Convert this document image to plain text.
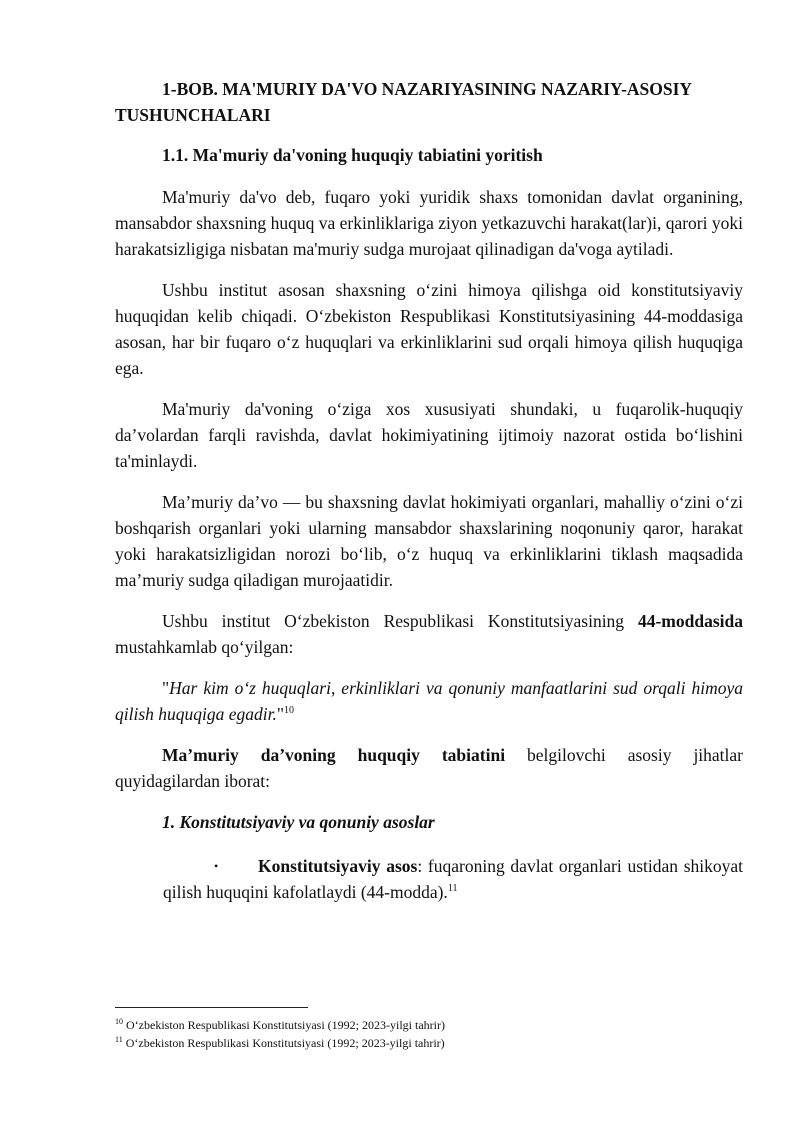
1-BOB. MA'MURIY DA'VO NAZARIYASINING NAZARIY-ASOSIY TUSHUNCHALARI
1.1. Ma'muriy da'voning huquqiy tabiatini yoritish

Ma'muriy da'vo deb, fuqaro yoki yuridik shaxs tomonidan davlat organining, mansabdor shaxsning huquq va erkinliklariga ziyon yetkazuvchi harakat(lar)i, qarori yoki harakatsizligiga nisbatan ma'muriy sudga murojaat qilinadigan da'voga aytiladi.

Ushbu institut asosan shaxsning o‘zini himoya qilishga oid konstitutsiyaviy huquqidan kelib chiqadi. O‘zbekiston Respublikasi Konstitutsiyasining 44-moddasiga asosan, har bir fuqaro o‘z huquqlari va erkinliklarini sud orqali himoya qilish huquqiga ega.

Ma'muriy da'voning o‘ziga xos xususiyati shundaki, u fuqarolik-huquqiy da’volardan farqli ravishda, davlat hokimiyatining ijtimoiy nazorat ostida bo‘lishini ta'minlaydi.

Ma’muriy da’vo — bu shaxsning davlat hokimiyati organlari, mahalliy o‘zini o‘zi boshqarish organlari yoki ularning mansabdor shaxslarining noqonuniy qaror, harakat yoki harakatsizligidan norozi bo‘lib, o‘z huquq va erkinliklarini tiklash maqsadida ma’muriy sudga qiladigan murojaatidir.

Ushbu institut O‘zbekiston Respublikasi Konstitutsiyasining 44-moddasida mustahkamlab qo‘yilgan:

"Har kim o‘z huquqlari, erkinliklari va qonuniy manfaatlarini sud orqali himoya qilish huquqiga egadir."$^{10}$

Ma’muriy da’voning huquqiy tabiatini belgilovchi asosiy jihatlar quyidagilardan iborat:

1. Konstitutsiyaviy va qonuniy asoslar
•	Konstitutsiyaviy asos: fuqaroning davlat organlari ustidan shikoyat qilish huquqini kafolatlaydi (44-modda).$^{11}$
$^{10}$ O‘zbekiston Respublikasi Konstitutsiyasi (1992; 2023-yilgi tahrir)
$^{11}$ O‘zbekiston Respublikasi Konstitutsiyasi (1992; 2023-yilgi tahrir)
